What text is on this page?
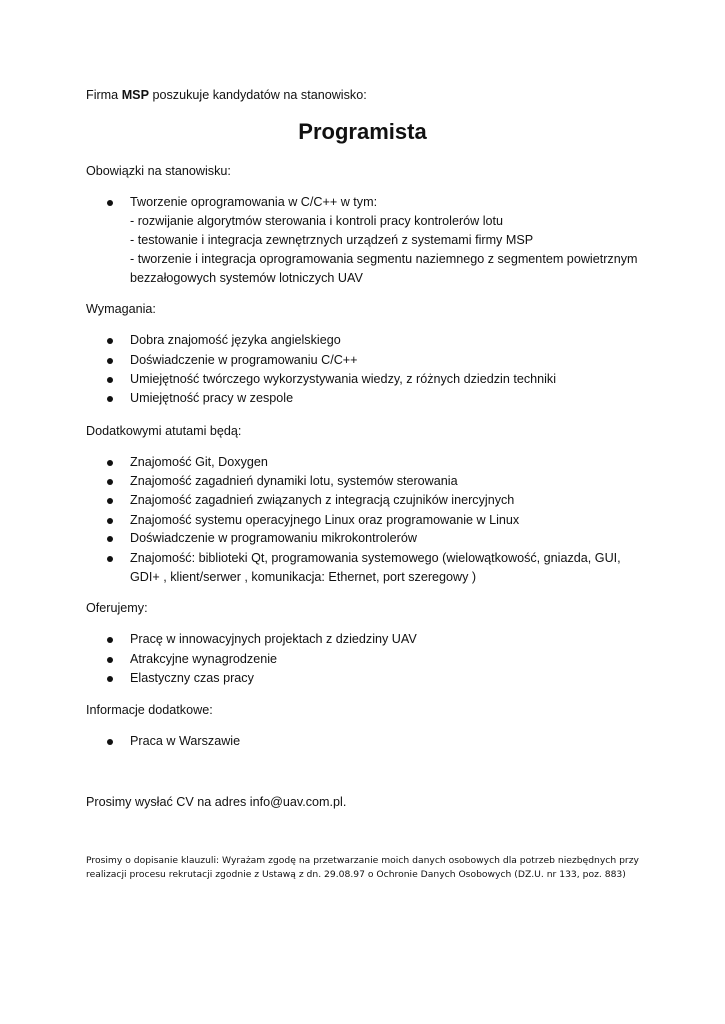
Firma MSP poszukuje kandydatów na stanowisko:
Programista
Obowiązki na stanowisku:
Tworzenie oprogramowania w C/C++ w tym:
- rozwijanie algorytmów sterowania i kontroli pracy kontrolerów lotu
- testowanie i integracja zewnętrznych urządzeń z systemami firmy MSP
- tworzenie i integracja oprogramowania segmentu naziemnego z segmentem powietrznym
bezzałogowych systemów lotniczych UAV
Wymagania:
Dobra znajomość języka angielskiego
Doświadczenie w programowaniu C/C++
Umiejętność twórczego wykorzystywania wiedzy, z różnych dziedzin techniki
Umiejętność pracy w zespole
Dodatkowymi atutami będą:
Znajomość Git, Doxygen
Znajomość zagadnień dynamiki lotu, systemów sterowania
Znajomość zagadnień związanych z integracją czujników inercyjnych
Znajomość systemu operacyjnego Linux oraz programowanie w Linux
Doświadczenie w programowaniu mikrokontrolerów
Znajomość: biblioteki Qt, programowania systemowego (wielowątkowość, gniazda, GUI,
GDI+ , klient/serwer , komunikacja: Ethernet, port szeregowy )
Oferujemy:
Pracę w innowacyjnych projektach z dziedziny UAV
Atrakcyjne wynagrodzenie
Elastyczny czas pracy
Informacje dodatkowe:
Praca w Warszawie
Prosimy wysłać CV na adres info@uav.com.pl.
Prosimy o dopisanie klauzuli: Wyrażam zgodę na przetwarzanie moich danych osobowych dla potrzeb niezbędnych przy
realizacji procesu rekrutacji zgodnie z Ustawą z dn. 29.08.97 o Ochronie Danych Osobowych (DZ.U. nr 133, poz. 883)
